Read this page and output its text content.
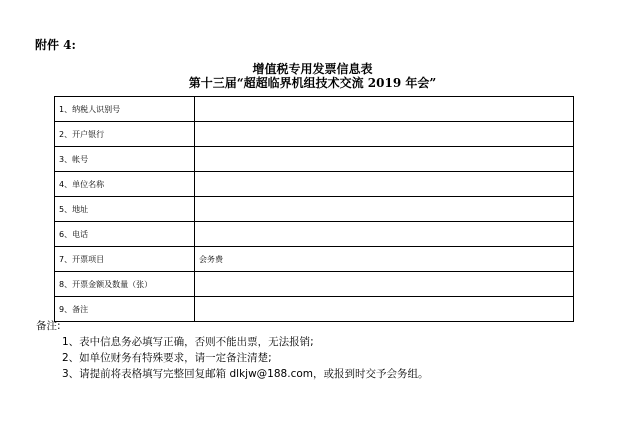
附件 4:
增值税专用发票信息表
第十三届“超超临界机组技术交流 2019 年会”
1、纳税人识别号	
2、开户银行	
3、帐号	
4、单位名称	
5、地址	
6、电话	
7、开票项目	会务费
8、开票金额及数量（张）	
9、备注	
备注:
1、表中信息务必填写正确，否则不能出票，无法报销;
2、如单位财务有特殊要求，请一定备注清楚;
3、请提前将表格填写完整回复邮箱 dlkjw@188.com，或报到时交予会务组。
